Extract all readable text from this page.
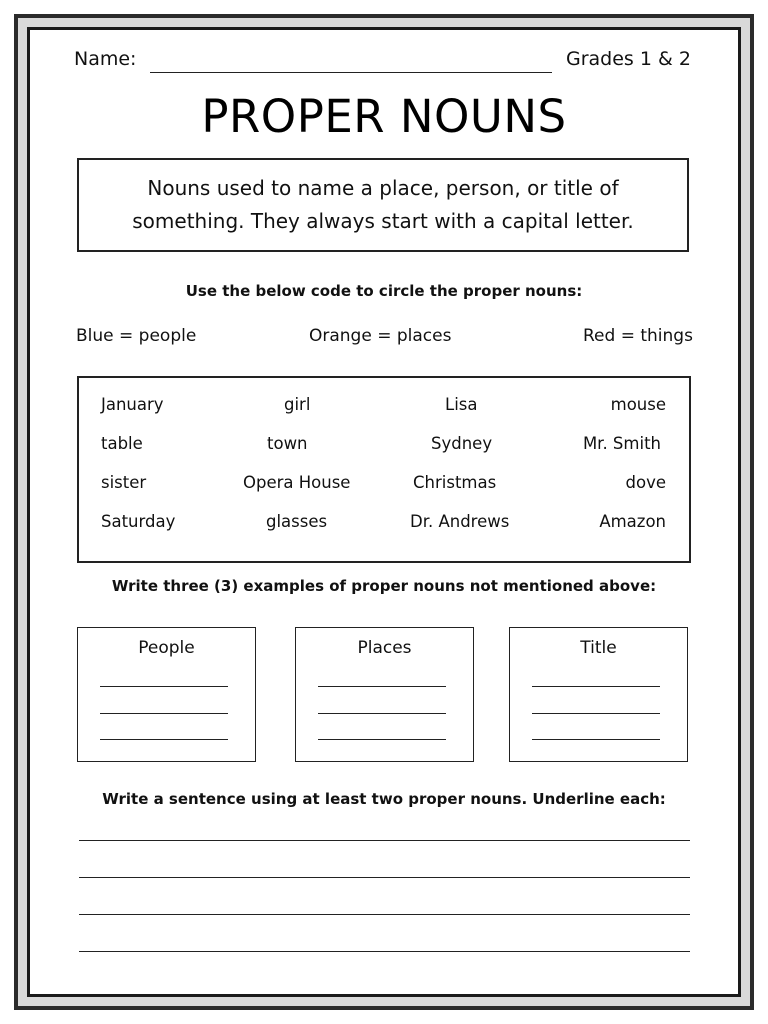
Name:	Grades 1 & 2
PROPER NOUNS
Nouns used to name a place, person, or title of
something. They always start with a capital letter.
Use the below code to circle the proper nouns:
Blue = people	Orange = places	Red = things
January	girl	Lisa	mouse
table	town	Sydney	Mr. Smith
sister	Opera House	Christmas	dove
Saturday	glasses	Dr. Andrews	Amazon
Write three (3) examples of proper nouns not mentioned above:
People	Places	Title
Write a sentence using at least two proper nouns. Underline each:
